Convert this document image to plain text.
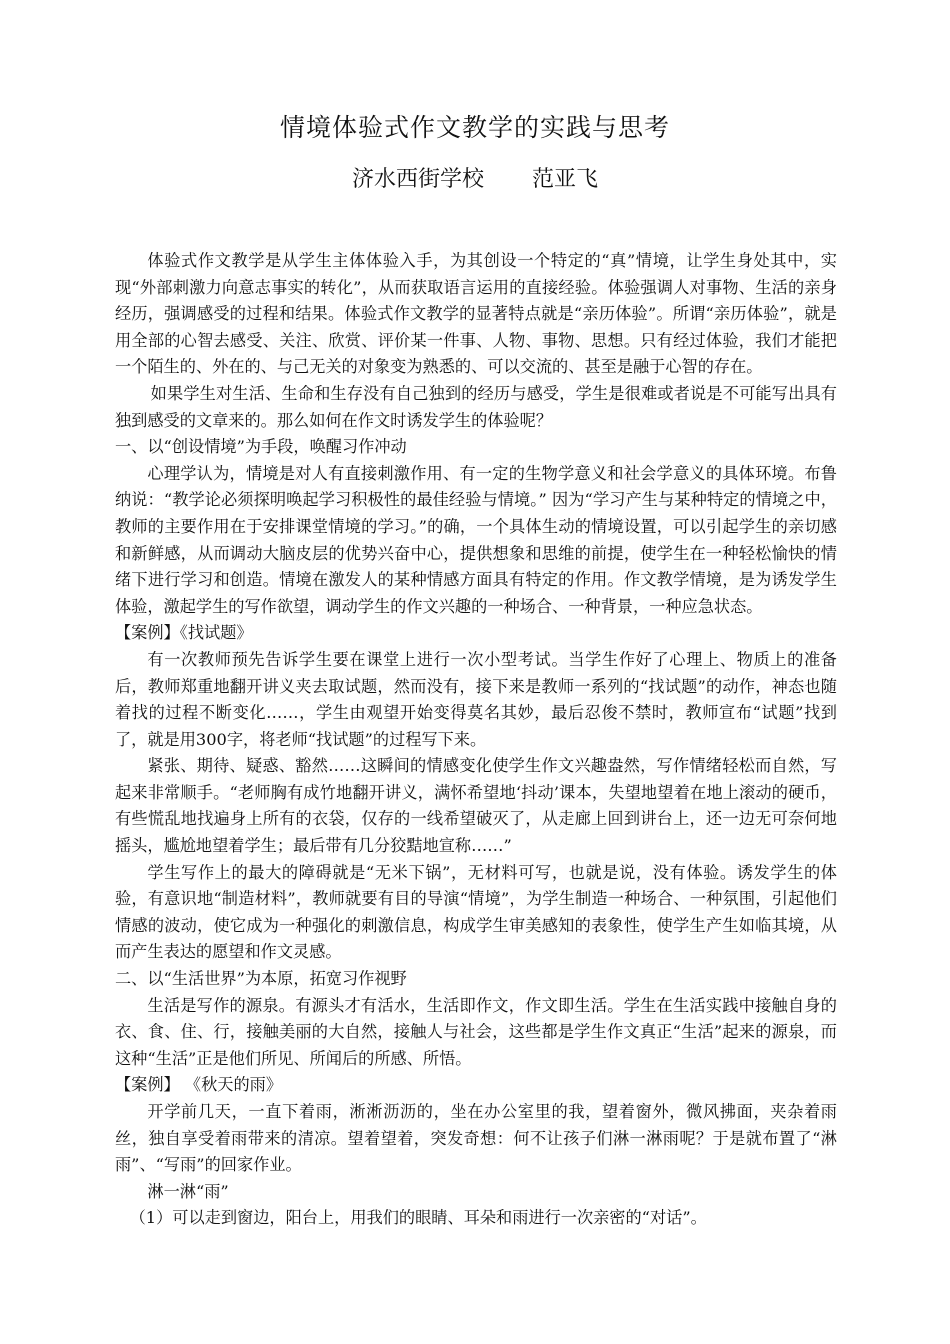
情境体验式作文教学的实践与思考
济水西街学校 范亚飞

体验式作文教学是从学生主体体验入手，为其创设一个特定的“真”情境，让学生身处其中，实现“外部刺激力向意志事实的转化”，从而获取语言运用的直接经验。体验强调人对事物、生活的亲身经历，强调感受的过程和结果。体验式作文教学的显著特点就是“亲历体验”。所谓“亲历体验”，就是用全部的心智去感受、关注、欣赏、评价某一件事、人物、事物、思想。只有经过体验，我们才能把一个陌生的、外在的、与己无关的对象变为熟悉的、可以交流的、甚至是融于心智的存在。

如果学生对生活、生命和生存没有自己独到的经历与感受，学生是很难或者说是不可能写出具有独到感受的文章来的。那么如何在作文时诱发学生的体验呢？

一、以“创设情境”为手段，唤醒习作冲动

心理学认为，情境是对人有直接刺激作用、有一定的生物学意义和社会学意义的具体环境。布鲁纳说：“教学论必须探明唤起学习积极性的最佳经验与情境。” 因为“学习产生与某种特定的情境之中，教师的主要作用在于安排课堂情境的学习。”的确，一个具体生动的情境设置，可以引起学生的亲切感和新鲜感，从而调动大脑皮层的优势兴奋中心，提供想象和思维的前提，使学生在一种轻松愉快的情绪下进行学习和创造。情境在激发人的某种情感方面具有特定的作用。作文教学情境，是为诱发学生体验，激起学生的写作欲望，调动学生的作文兴趣的一种场合、一种背景，一种应急状态。

【案例】《找试题》

有一次教师预先告诉学生要在课堂上进行一次小型考试。当学生作好了心理上、物质上的准备后，教师郑重地翻开讲义夹去取试题，然而没有，接下来是教师一系列的“找试题”的动作，神态也随着找的过程不断变化……，学生由观望开始变得莫名其妙，最后忍俊不禁时，教师宣布“试题”找到了，就是用300字，将老师“找试题”的过程写下来。

紧张、期待、疑惑、豁然……这瞬间的情感变化使学生作文兴趣盎然，写作情绪轻松而自然，写起来非常顺手。“老师胸有成竹地翻开讲义，满怀希望地‘抖动’课本，失望地望着在地上滚动的硬币，有些慌乱地找遍身上所有的衣袋，仅存的一线希望破灭了，从走廊上回到讲台上，还一边无可奈何地摇头，尴尬地望着学生；最后带有几分狡黠地宣称……”

学生写作上的最大的障碍就是“无米下锅”，无材料可写，也就是说，没有体验。诱发学生的体验，有意识地“制造材料”，教师就要有目的导演“情境”，为学生制造一种场合、一种氛围，引起他们情感的波动，使它成为一种强化的刺激信息，构成学生审美感知的表象性，使学生产生如临其境，从而产生表达的愿望和作文灵感。

二、以“生活世界”为本原，拓宽习作视野

生活是写作的源泉。有源头才有活水，生活即作文，作文即生活。学生在生活实践中接触自身的衣、食、住、行，接触美丽的大自然，接触人与社会，这些都是学生作文真正“生活”起来的源泉，而这种“生活”正是他们所见、所闻后的所感、所悟。

【案例】 《秋天的雨》

开学前几天，一直下着雨，淅淅沥沥的，坐在办公室里的我，望着窗外，微风拂面，夹杂着雨丝，独自享受着雨带来的清凉。望着望着，突发奇想：何不让孩子们淋一淋雨呢？于是就布置了“淋雨”、“写雨”的回家作业。

淋一淋“雨”

（1）可以走到窗边，阳台上，用我们的眼睛、耳朵和雨进行一次亲密的“对话”。
